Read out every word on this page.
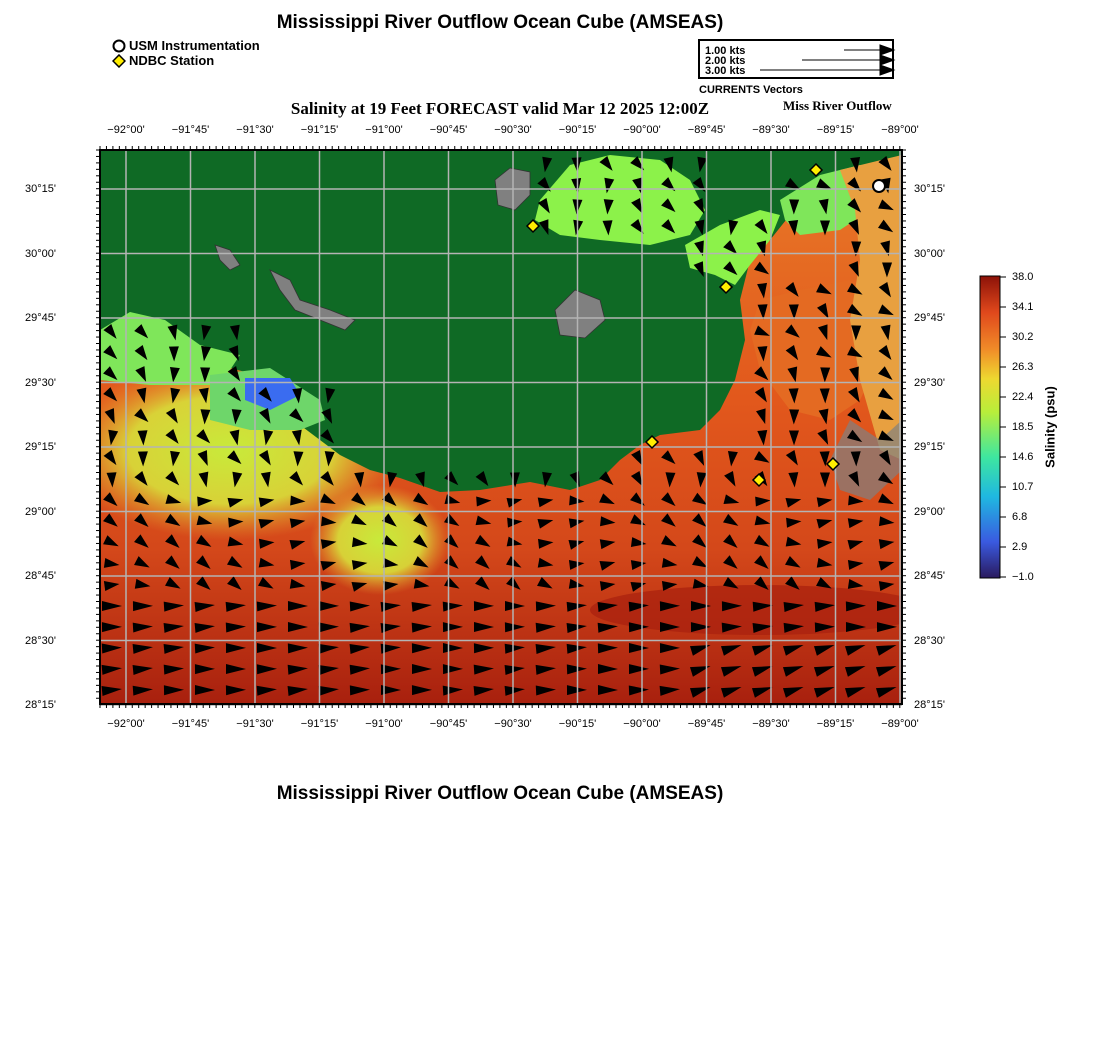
Mississippi River Outflow Ocean Cube (AMSEAS)
USM Instrumentation
NDBC Station
1.00 kts
2.00 kts
3.00 kts
CURRENTS Vectors
Salinity at 19 Feet FORECAST valid Mar 12 2025 12:00Z	Miss River Outflow
−92°00' −91°45' −91°30' −91°15' −91°00' −90°45' −90°30' −90°15' −90°00' −89°45' −89°30' −89°15' −89°00'
−92°00' −91°45' −91°30' −91°15' −91°00' −90°45' −90°30' −90°15' −90°00' −89°45' −89°30' −89°15' −89°00'
30°15'
30°00'
29°45'
29°30'
29°15'
29°00'
28°45'
28°30'
28°15'
30°15'
30°00'
29°45'
29°30'
29°15'
29°00'
28°45'
28°30'
28°15'
38.0
34.1
30.2
26.3
22.4
18.5
14.6
10.7
6.8
2.9
−1.0
Salinity (psu)
Mississippi River Outflow Ocean Cube (AMSEAS)
